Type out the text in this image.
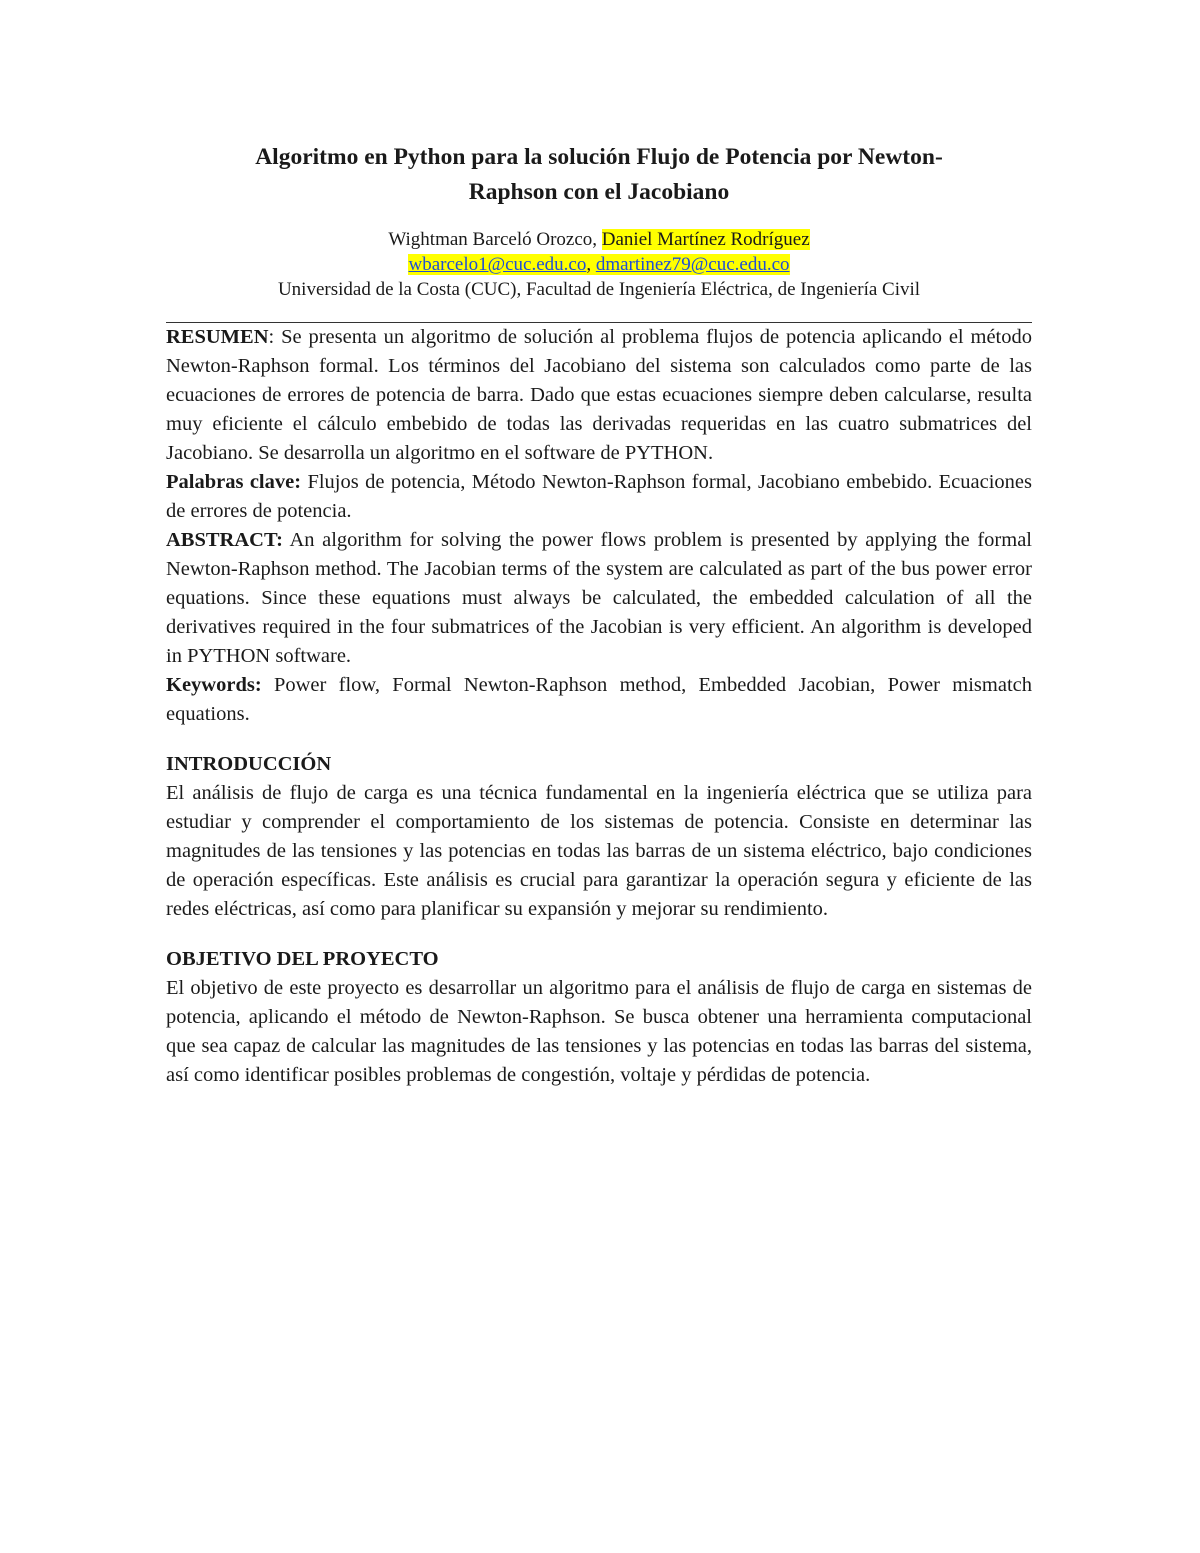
Algoritmo en Python para la solución Flujo de Potencia por Newton-
Raphson con el Jacobiano
Wightman Barceló Orozco, Daniel Martínez Rodríguez
wbarcelo1@cuc.edu.co, dmartinez79@cuc.edu.co
Universidad de la Costa (CUC), Facultad de Ingeniería Eléctrica, de Ingeniería Civil

RESUMEN: Se presenta un algoritmo de solución al problema flujos de potencia aplicando el método Newton-Raphson formal. Los términos del Jacobiano del sistema son calculados como parte de las ecuaciones de errores de potencia de barra. Dado que estas ecuaciones siempre deben calcularse, resulta muy eficiente el cálculo embebido de todas las derivadas requeridas en las cuatro submatrices del Jacobiano. Se desarrolla un algoritmo en el software de PYTHON.

Palabras clave: Flujos de potencia, Método Newton-Raphson formal, Jacobiano embebido. Ecuaciones de errores de potencia.

ABSTRACT: An algorithm for solving the power flows problem is presented by applying the formal Newton-Raphson method. The Jacobian terms of the system are calculated as part of the bus power error equations. Since these equations must always be calculated, the embedded calculation of all the derivatives required in the four submatrices of the Jacobian is very efficient. An algorithm is developed in PYTHON software.

Keywords: Power flow, Formal Newton-Raphson method, Embedded Jacobian, Power mismatch equations.

INTRODUCCIÓN

El análisis de flujo de carga es una técnica fundamental en la ingeniería eléctrica que se utiliza para estudiar y comprender el comportamiento de los sistemas de potencia. Consiste en determinar las magnitudes de las tensiones y las potencias en todas las barras de un sistema eléctrico, bajo condiciones de operación específicas. Este análisis es crucial para garantizar la operación segura y eficiente de las redes eléctricas, así como para planificar su expansión y mejorar su rendimiento.

OBJETIVO DEL PROYECTO

El objetivo de este proyecto es desarrollar un algoritmo para el análisis de flujo de carga en sistemas de potencia, aplicando el método de Newton-Raphson. Se busca obtener una herramienta computacional que sea capaz de calcular las magnitudes de las tensiones y las potencias en todas las barras del sistema, así como identificar posibles problemas de congestión, voltaje y pérdidas de potencia.
